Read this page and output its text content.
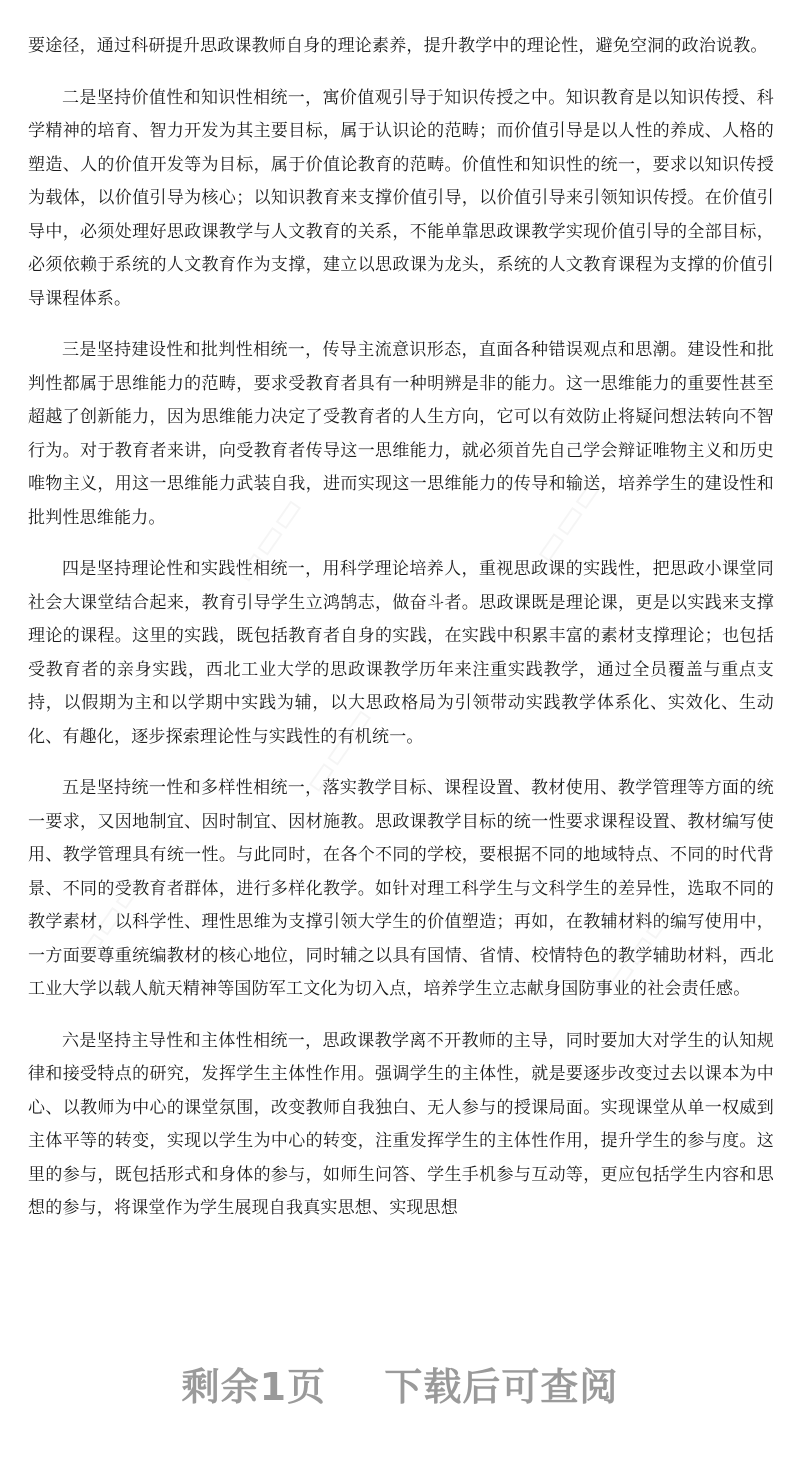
要途径，通过科研提升思政课教师自身的理论素养，提升教学中的理论性，避免空洞的政治说教。

二是坚持价值性和知识性相统一，寓价值观引导于知识传授之中。知识教育是以知识传授、科学精神的培育、智力开发为其主要目标，属于认识论的范畴；而价值引导是以人性的养成、人格的塑造、人的价值开发等为目标，属于价值论教育的范畴。价值性和知识性的统一，要求以知识传授为载体，以价值引导为核心；以知识教育来支撑价值引导，以价值引导来引领知识传授。在价值引导中，必须处理好思政课教学与人文教育的关系，不能单靠思政课教学实现价值引导的全部目标，必须依赖于系统的人文教育作为支撑，建立以思政课为龙头，系统的人文教育课程为支撑的价值引导课程体系。

三是坚持建设性和批判性相统一，传导主流意识形态，直面各种错误观点和思潮。建设性和批判性都属于思维能力的范畴，要求受教育者具有一种明辨是非的能力。这一思维能力的重要性甚至超越了创新能力，因为思维能力决定了受教育者的人生方向，它可以有效防止将疑问想法转向不智行为。对于教育者来讲，向受教育者传导这一思维能力，就必须首先自己学会辩证唯物主义和历史唯物主义，用这一思维能力武装自我，进而实现这一思维能力的传导和输送，培养学生的建设性和批判性思维能力。

四是坚持理论性和实践性相统一，用科学理论培养人，重视思政课的实践性，把思政小课堂同社会大课堂结合起来，教育引导学生立鸿鹄志，做奋斗者。思政课既是理论课，更是以实践来支撑理论的课程。这里的实践，既包括教育者自身的实践，在实践中积累丰富的素材支撑理论；也包括受教育者的亲身实践，西北工业大学的思政课教学历年来注重实践教学，通过全员覆盖与重点支持，以假期为主和以学期中实践为辅，以大思政格局为引领带动实践教学体系化、实效化、生动化、有趣化，逐步探索理论性与实践性的有机统一。

五是坚持统一性和多样性相统一，落实教学目标、课程设置、教材使用、教学管理等方面的统一要求，又因地制宜、因时制宜、因材施教。思政课教学目标的统一性要求课程设置、教材编写使用、教学管理具有统一性。与此同时，在各个不同的学校，要根据不同的地域特点、不同的时代背景、不同的受教育者群体，进行多样化教学。如针对理工科学生与文科学生的差异性，选取不同的教学素材，以科学性、理性思维为支撑引领大学生的价值塑造；再如，在教辅材料的编写使用中，一方面要尊重统编教材的核心地位，同时辅之以具有国情、省情、校情特色的教学辅助材料，西北工业大学以载人航天精神等国防军工文化为切入点，培养学生立志献身国防事业的社会责任感。

六是坚持主导性和主体性相统一，思政课教学离不开教师的主导，同时要加大对学生的认知规律和接受特点的研究，发挥学生主体性作用。强调学生的主体性，就是要逐步改变过去以课本为中心、以教师为中心的课堂氛围，改变教师自我独白、无人参与的授课局面。实现课堂从单一权威到主体平等的转变，实现以学生为中心的转变，注重发挥学生的主体性作用，提升学生的参与度。这里的参与，既包括形式和身体的参与，如师生问答、学生手机参与互动等，更应包括学生内容和思想的参与，将课堂作为学生展现自我真实思想、实现思想

▭▭▭	▭▭▭
▭▭▭
▭▭▭	▭▭▭
剩余1页 下载后可查阅
